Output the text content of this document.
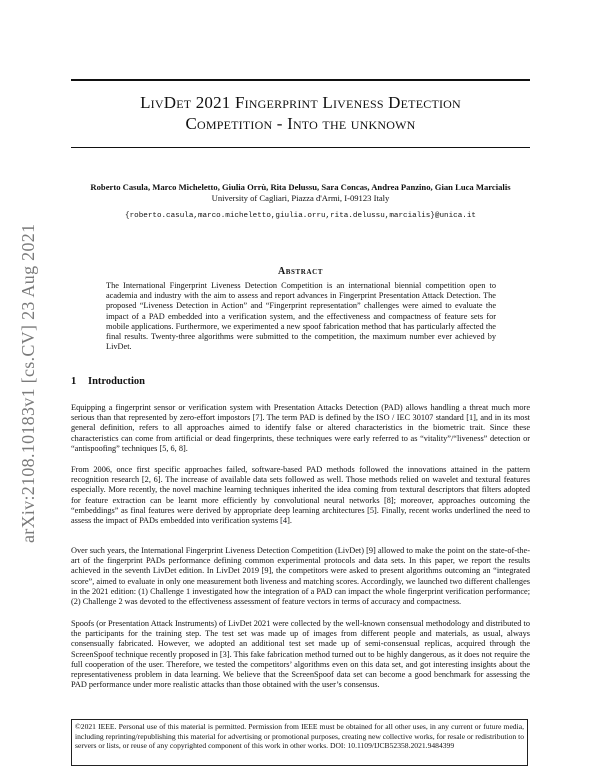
LivDet 2021 Fingerprint Liveness Detection
Competition - Into the unknown
Roberto Casula, Marco Micheletto, Giulia Orrù, Rita Delussu, Sara Concas, Andrea Panzino, Gian Luca Marcialis
University of Cagliari, Piazza d'Armi, I-09123 Italy
{roberto.casula,marco.micheletto,giulia.orru,rita.delussu,marcialis}@unica.it
arXiv:2108.10183v1 [cs.CV] 23 Aug 2021	Abstract
The International Fingerprint Liveness Detection Competition is an international biennial competition open to academia and industry with the aim to assess and report advances in Fingerprint Presentation Attack Detection. The proposed “Liveness Detection in Action” and “Fingerprint representation” challenges were aimed to evaluate the impact of a PAD embedded into a verification system, and the effectiveness and compactness of feature sets for mobile applications. Furthermore, we experimented a new spoof fabrication method that has particularly affected the final results. Twenty-three algorithms were submitted to the competition, the maximum number ever achieved by LivDet.
1 Introduction

Equipping a fingerprint sensor or verification system with Presentation Attacks Detection (PAD) allows handling a threat much more serious than that represented by zero-effort impostors [7]. The term PAD is defined by the ISO / IEC 30107 standard [1], and in its most general definition, refers to all approaches aimed to identify false or altered characteristics in the biometric trait. Since these characteristics can come from artificial or dead fingerprints, these techniques were early referred to as “vitality”/“liveness” detection or “antispoofing” techniques [5, 6, 8].

From 2006, once first specific approaches failed, software-based PAD methods followed the innovations attained in the pattern recognition research [2, 6]. The increase of available data sets followed as well. Those methods relied on wavelet and textural features especially. More recently, the novel machine learning techniques inherited the idea coming from textural descriptors that filters adopted for feature extraction can be learnt more efficiently by convolutional neural networks [8]; moreover, approaches outcoming the “embeddings” as final features were derived by appropriate deep learning architectures [5]. Finally, recent works underlined the need to assess the impact of PADs embedded into verification systems [4].

Over such years, the International Fingerprint Liveness Detection Competition (LivDet) [9] allowed to make the point on the state-of-the-art of the fingerprint PADs performance defining common experimental protocols and data sets. In this paper, we report the results achieved in the seventh LivDet edition. In LivDet 2019 [9], the competitors were asked to present algorithms outcoming an “integrated score”, aimed to evaluate in only one measurement both liveness and matching scores. Accordingly, we launched two different challenges in the 2021 edition: (1) Challenge 1 investigated how the integration of a PAD can impact the whole fingerprint verification performance; (2) Challenge 2 was devoted to the effectiveness assessment of feature vectors in terms of accuracy and compactness.

Spoofs (or Presentation Attack Instruments) of LivDet 2021 were collected by the well-known consensual methodology and distributed to the participants for the training step. The test set was made up of images from different people and materials, as usual, always consensually fabricated. However, we adopted an additional test set made up of semi-consensual replicas, acquired through the ScreenSpoof technique recently proposed in [3]. This fake fabrication method turned out to be highly dangerous, as it does not require the full cooperation of the user. Therefore, we tested the competitors’ algorithms even on this data set, and got interesting insights about the representativeness problem in data learning. We believe that the ScreenSpoof data set can become a good benchmark for assessing the PAD performance under more realistic attacks than those obtained with the user’s consensus.

©2021 IEEE. Personal use of this material is permitted. Permission from IEEE must be obtained for all other uses, in any current or future media, including reprinting/republishing this material for advertising or promotional purposes, creating new collective works, for resale or redistribution to servers or lists, or reuse of any copyrighted component of this work in other works. DOI: 10.1109/IJCB52358.2021.9484399
